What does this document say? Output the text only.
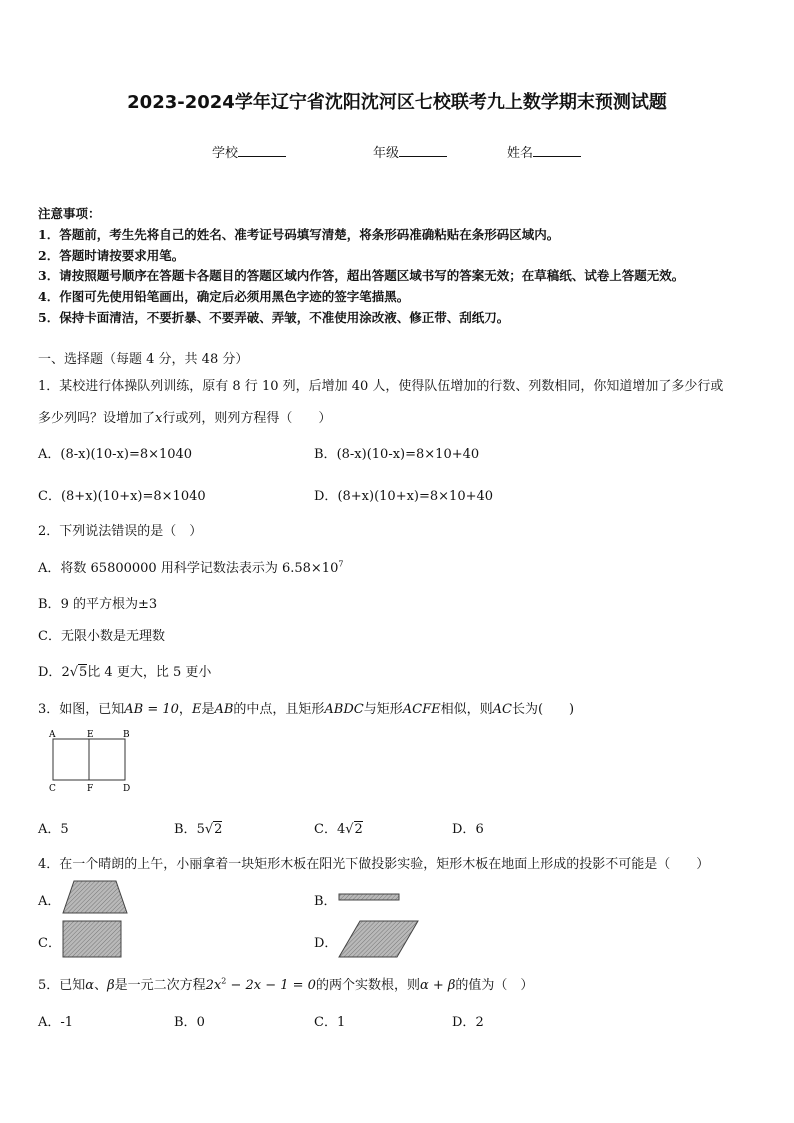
2023-2024学年辽宁省沈阳沈河区七校联考九上数学期末预测试题
学校	年级	姓名
注意事项：
1．答题前，考生先将自己的姓名、准考证号码填写清楚，将条形码准确粘贴在条形码区域内。
2．答题时请按要求用笔。
3．请按照题号顺序在答题卡各题目的答题区域内作答，超出答题区域书写的答案无效；在草稿纸、试卷上答题无效。
4．作图可先使用铅笔画出，确定后必须用黑色字迹的签字笔描黑。
5．保持卡面清洁，不要折暴、不要弄破、弄皱，不准使用涂改液、修正带、刮纸刀。
一、选择题（每题 4 分，共 48 分）
1．某校进行体操队列训练，原有 8 行 10 列，后增加 40 人，使得队伍增加的行数、列数相同，你知道增加了多少行或
多少列吗？设增加了x行或列，则列方程得（　　）
A．(8-x)(10-x)=8×1040	B．(8-x)(10-x)=8×10+40
C．(8+x)(10+x)=8×1040	D．(8+x)(10+x)=8×10+40
2．下列说法错误的是（　）
A．将数 65800000 用科学记数法表示为 $6.58\times 10^7$
B．9 的平方根为±3
C．无限小数是无理数
D．2√5比 4 更大，比 5 更小
3．如图，已知AB = 10，E是AB的中点，且矩形ABDC与矩形ACFE相似，则AC长为(　　)
A	E	B
C	F	D
A．5	B．5√2	C．4√2	D．6
4．在一个晴朗的上午，小丽拿着一块矩形木板在阳光下做投影实验，矩形木板在地面上形成的投影不可能是（　　）
A．	B．
C．	D．
5．已知α、β是一元二次方程$2x^2 - 2x - 1 = 0$的两个实数根，则α + β的值为（　）
A．-1	B．0	C．1	D．2
